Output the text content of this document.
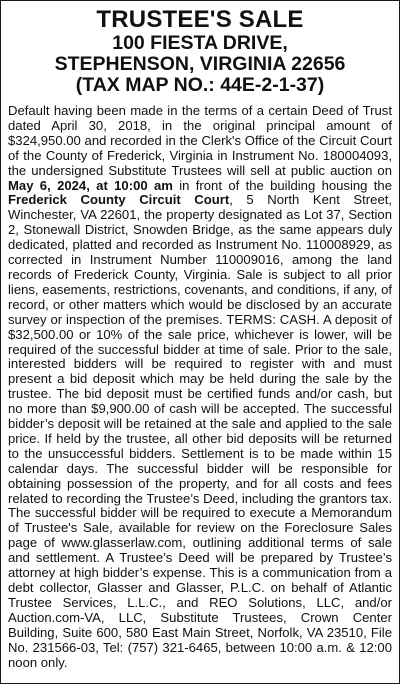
TRUSTEE'S SALE
100 FIESTA DRIVE,
STEPHENSON, VIRGINIA 22656
(TAX MAP NO.: 44E-2-1-37)

Default having been made in the terms of a certain Deed of Trust dated April 30, 2018, in the original principal amount of $324,950.00 and recorded in the Clerk's Office of the Circuit Court of the County of Frederick, Virginia in Instrument No. 180004093, the undersigned Substitute Trustees will sell at public auction on May 6, 2024, at 10:00 am in front of the building housing the Frederick County Circuit Court, 5 North Kent Street, Winchester, VA 22601, the property designated as Lot 37, Section 2, Stonewall District, Snowden Bridge, as the same appears duly dedicated, platted and recorded as Instrument No. 110008929, as corrected in Instrument Number 110009016, among the land records of Frederick County, Virginia. Sale is subject to all prior liens, easements, restrictions, covenants, and conditions, if any, of record, or other matters which would be disclosed by an accurate survey or inspection of the premises. TERMS: CASH. A deposit of $32,500.00 or 10% of the sale price, whichever is lower, will be required of the successful bidder at time of sale. Prior to the sale, interested bidders will be required to register with and must present a bid deposit which may be held during the sale by the trustee. The bid deposit must be certified funds and/or cash, but no more than $9,900.00 of cash will be accepted. The successful bidder’s deposit will be retained at the sale and applied to the sale price. If held by the trustee, all other bid deposits will be returned to the unsuccessful bidders. Settlement is to be made within 15 calendar days. The successful bidder will be responsible for obtaining possession of the property, and for all costs and fees related to recording the Trustee’s Deed, including the grantors tax. The successful bidder will be required to execute a Memorandum of Trustee's Sale, available for review on the Foreclosure Sales page of www.glasserlaw.com, outlining additional terms of sale and settlement. A Trustee’s Deed will be prepared by Trustee’s attorney at high bidder’s expense. This is a communication from a debt collector, Glasser and Glasser, P.L.C. on behalf of Atlantic Trustee Services, L.L.C., and REO Solutions, LLC, and/or Auction.com-VA, LLC, Substitute Trustees, Crown Center Building, Suite 600, 580 East Main Street, Norfolk, VA 23510, File No. 231566-03, Tel: (757) 321-6465, between 10:00 a.m. & 12:00 noon only.
